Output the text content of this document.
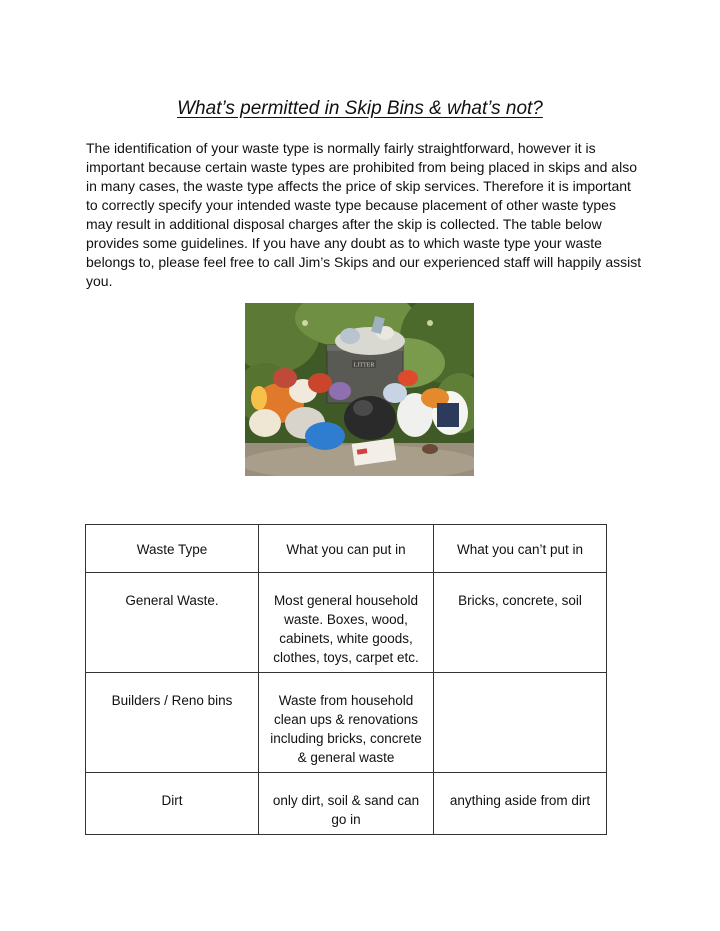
What’s permitted in Skip Bins & what’s not?

The identification of your waste type is normally fairly straightforward, however it is important because certain waste types are prohibited from being placed in skips and also in many cases, the waste type affects the price of skip services. Therefore it is important to correctly specify your intended waste type because placement of other waste types may result in additional disposal charges after the skip is collected. The table below provides some guidelines. If you have any doubt as to which waste type your waste belongs to, please feel free to call Jim’s Skips and our experienced staff will happily assist you.

LITTER
Waste Type	What you can put in	What you can’t put in
General Waste.	Most general household waste. Boxes, wood, cabinets, white goods, clothes, toys, carpet etc.	Bricks, concrete, soil
Builders / Reno bins	Waste from household clean ups & renovations including bricks, concrete & general waste	
Dirt	only dirt, soil & sand can go in	anything aside from dirt
